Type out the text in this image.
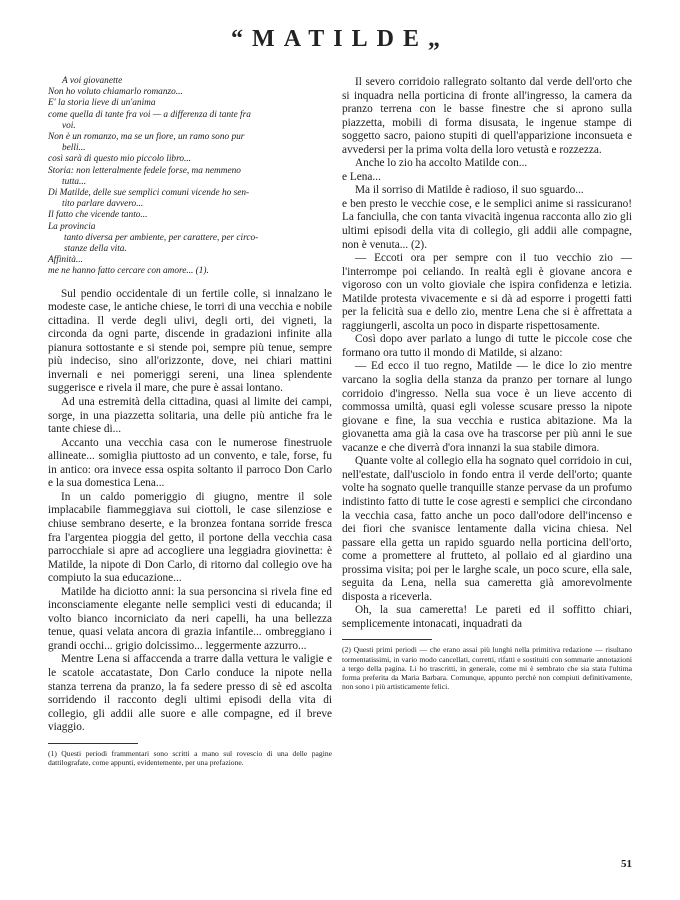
“MATILDE„
A voi giovanette
Non ho voluto chiamarlo romanzo...
E' la storia lieve di un'anima
come quella di tante fra voi — a differenza di tante fra
voi.
Non è un romanzo, ma se un fiore, un ramo sono pur
belli...
così sarà di questo mio piccolo libro...
Storia: non letteralmente fedele forse, ma nemmeno
tutta...
Di Matilde, delle sue semplici comuni vicende ho sen-
tito parlare davvero...
Il fatto che vicende tanto...
La provincia
tanto diversa per ambiente, per carattere, per circo-
stanze della vita.
Affinità...
me ne hanno fatto cercare con amore... (1).

Sul pendio occidentale di un fertile colle, si innalzano le modeste case, le antiche chiese, le torri di una vecchia e nobile cittadina. Il verde degli ulivi, degli orti, dei vigneti, la circonda da ogni parte, discende in gradazioni infinite alla pianura sottostante e si stende poi, sempre più tenue, sempre più indeciso, sino all'orizzonte, dove, nei chiari mattini invernali e nei pomeriggi sereni, una linea splendente suggerisce e rivela il mare, che pure è assai lontano.

Ad una estremità della cittadina, quasi al limite dei campi, sorge, in una piazzetta solitaria, una delle più antiche fra le tante chiese di...

Accanto una vecchia casa con le numerose finestruole allineate... somiglia piuttosto ad un convento, e tale, forse, fu in antico: ora invece essa ospita soltanto il parroco Don Carlo e la sua domestica Lena...

In un caldo pomeriggio di giugno, mentre il sole implacabile fiammeggiava sui ciottoli, le case silenziose e chiuse sembrano deserte, e la bronzea fontana sorride fresca fra l'argentea pioggia del getto, il portone della vecchia casa parrocchiale si apre ad accogliere una leggiadra giovinetta: è Matilde, la nipote di Don Carlo, di ritorno dal collegio ove ha compiuto la sua educazione...

Matilde ha diciotto anni: la sua personcina si rivela fine ed inconsciamente elegante nelle semplici vesti di educanda; il volto bianco incorniciato da neri capelli, ha una bellezza tenue, quasi velata ancora di grazia infantile... ombreggiano i grandi occhi... grigio dolcissimo... leggermente azzurro...

Mentre Lena si affaccenda a trarre dalla vettura le valigie e le scatole accatastate, Don Carlo conduce la nipote nella stanza terrena da pranzo, la fa sedere presso di sè ed ascolta sorridendo il racconto degli ultimi episodi della vita di collegio, gli addii alle suore e alle compagne, ed il breve viaggio.

(1) Questi periodi frammentari sono scritti a mano sul rovescio di una delle pagine dattilografate, come appunti, evidentemente, per una prefazione.

Il severo corridoio rallegrato soltanto dal verde dell'orto che si inquadra nella porticina di fronte all'ingresso, la camera da pranzo terrena con le basse finestre che si aprono sulla piazzetta, mobili di forma disusata, le ingenue stampe di soggetto sacro, paiono stupiti di quell'apparizione inconsueta e avvedersi per la prima volta della loro vetustà e rozzezza.

Anche lo zio ha accolto Matilde con...

e Lena...

Ma il sorriso di Matilde è radioso, il suo sguardo...

e ben presto le vecchie cose, e le semplici anime si rassicurano! La fanciulla, che con tanta vivacità ingenua racconta allo zio gli ultimi episodi della vita di collegio, gli addii alle compagne, non è venuta... (2).

— Eccoti ora per sempre con il tuo vecchio zio — l'interrompe poi celiando. In realtà egli è giovane ancora e vigoroso con un volto gioviale che ispira confidenza e letizia. Matilde protesta vivacemente e si dà ad esporre i progetti fatti per la felicità sua e dello zio, mentre Lena che si è affrettata a raggiungerli, ascolta un poco in disparte rispettosamente.

Così dopo aver parlato a lungo di tutte le piccole cose che formano ora tutto il mondo di Matilde, si alzano:

— Ed ecco il tuo regno, Matilde — le dice lo zio mentre varcano la soglia della stanza da pranzo per tornare al lungo corridoio d'ingresso. Nella sua voce è un lieve accento di commossa umiltà, quasi egli volesse scusare presso la nipote giovane e fine, la sua vecchia e rustica abitazione. Ma la giovanetta ama già la casa ove ha trascorse per più anni le sue vacanze e che diverrà d'ora innanzi la sua stabile dimora.

Quante volte al collegio ella ha sognato quel corridoio in cui, nell'estate, dall'usciolo in fondo entra il verde dell'orto; quante volte ha sognato quelle tranquille stanze pervase da un profumo indistinto fatto di tutte le cose agresti e semplici che circondano la vecchia casa, fatto anche un poco dall'odore dell'incenso e dei fiori che svanisce lentamente dalla vicina chiesa. Nel passare ella getta un rapido sguardo nella porticina dell'orto, come a promettere al frutteto, al pollaio ed al giardino una prossima visita; poi per le larghe scale, un poco scure, ella sale, seguita da Lena, nella sua cameretta già amorevolmente disposta a riceverla.

Oh, la sua cameretta! Le pareti ed il soffitto chiari, semplicemente intonacati, inquadrati da

(2) Questi primi periodi — che erano assai più lunghi nella primitiva redazione — risultano tormentatissimi, in vario modo cancellati, corretti, rifatti e sostituiti con sommarie annotazioni a tergo della pagina. Li ho trascritti, in generale, come mi è sembrato che sia stata l'ultima forma preferita da Maria Barbara. Comunque, appunto perchè non compiuti definitivamente, non sono i più artisticamente felici.

51
